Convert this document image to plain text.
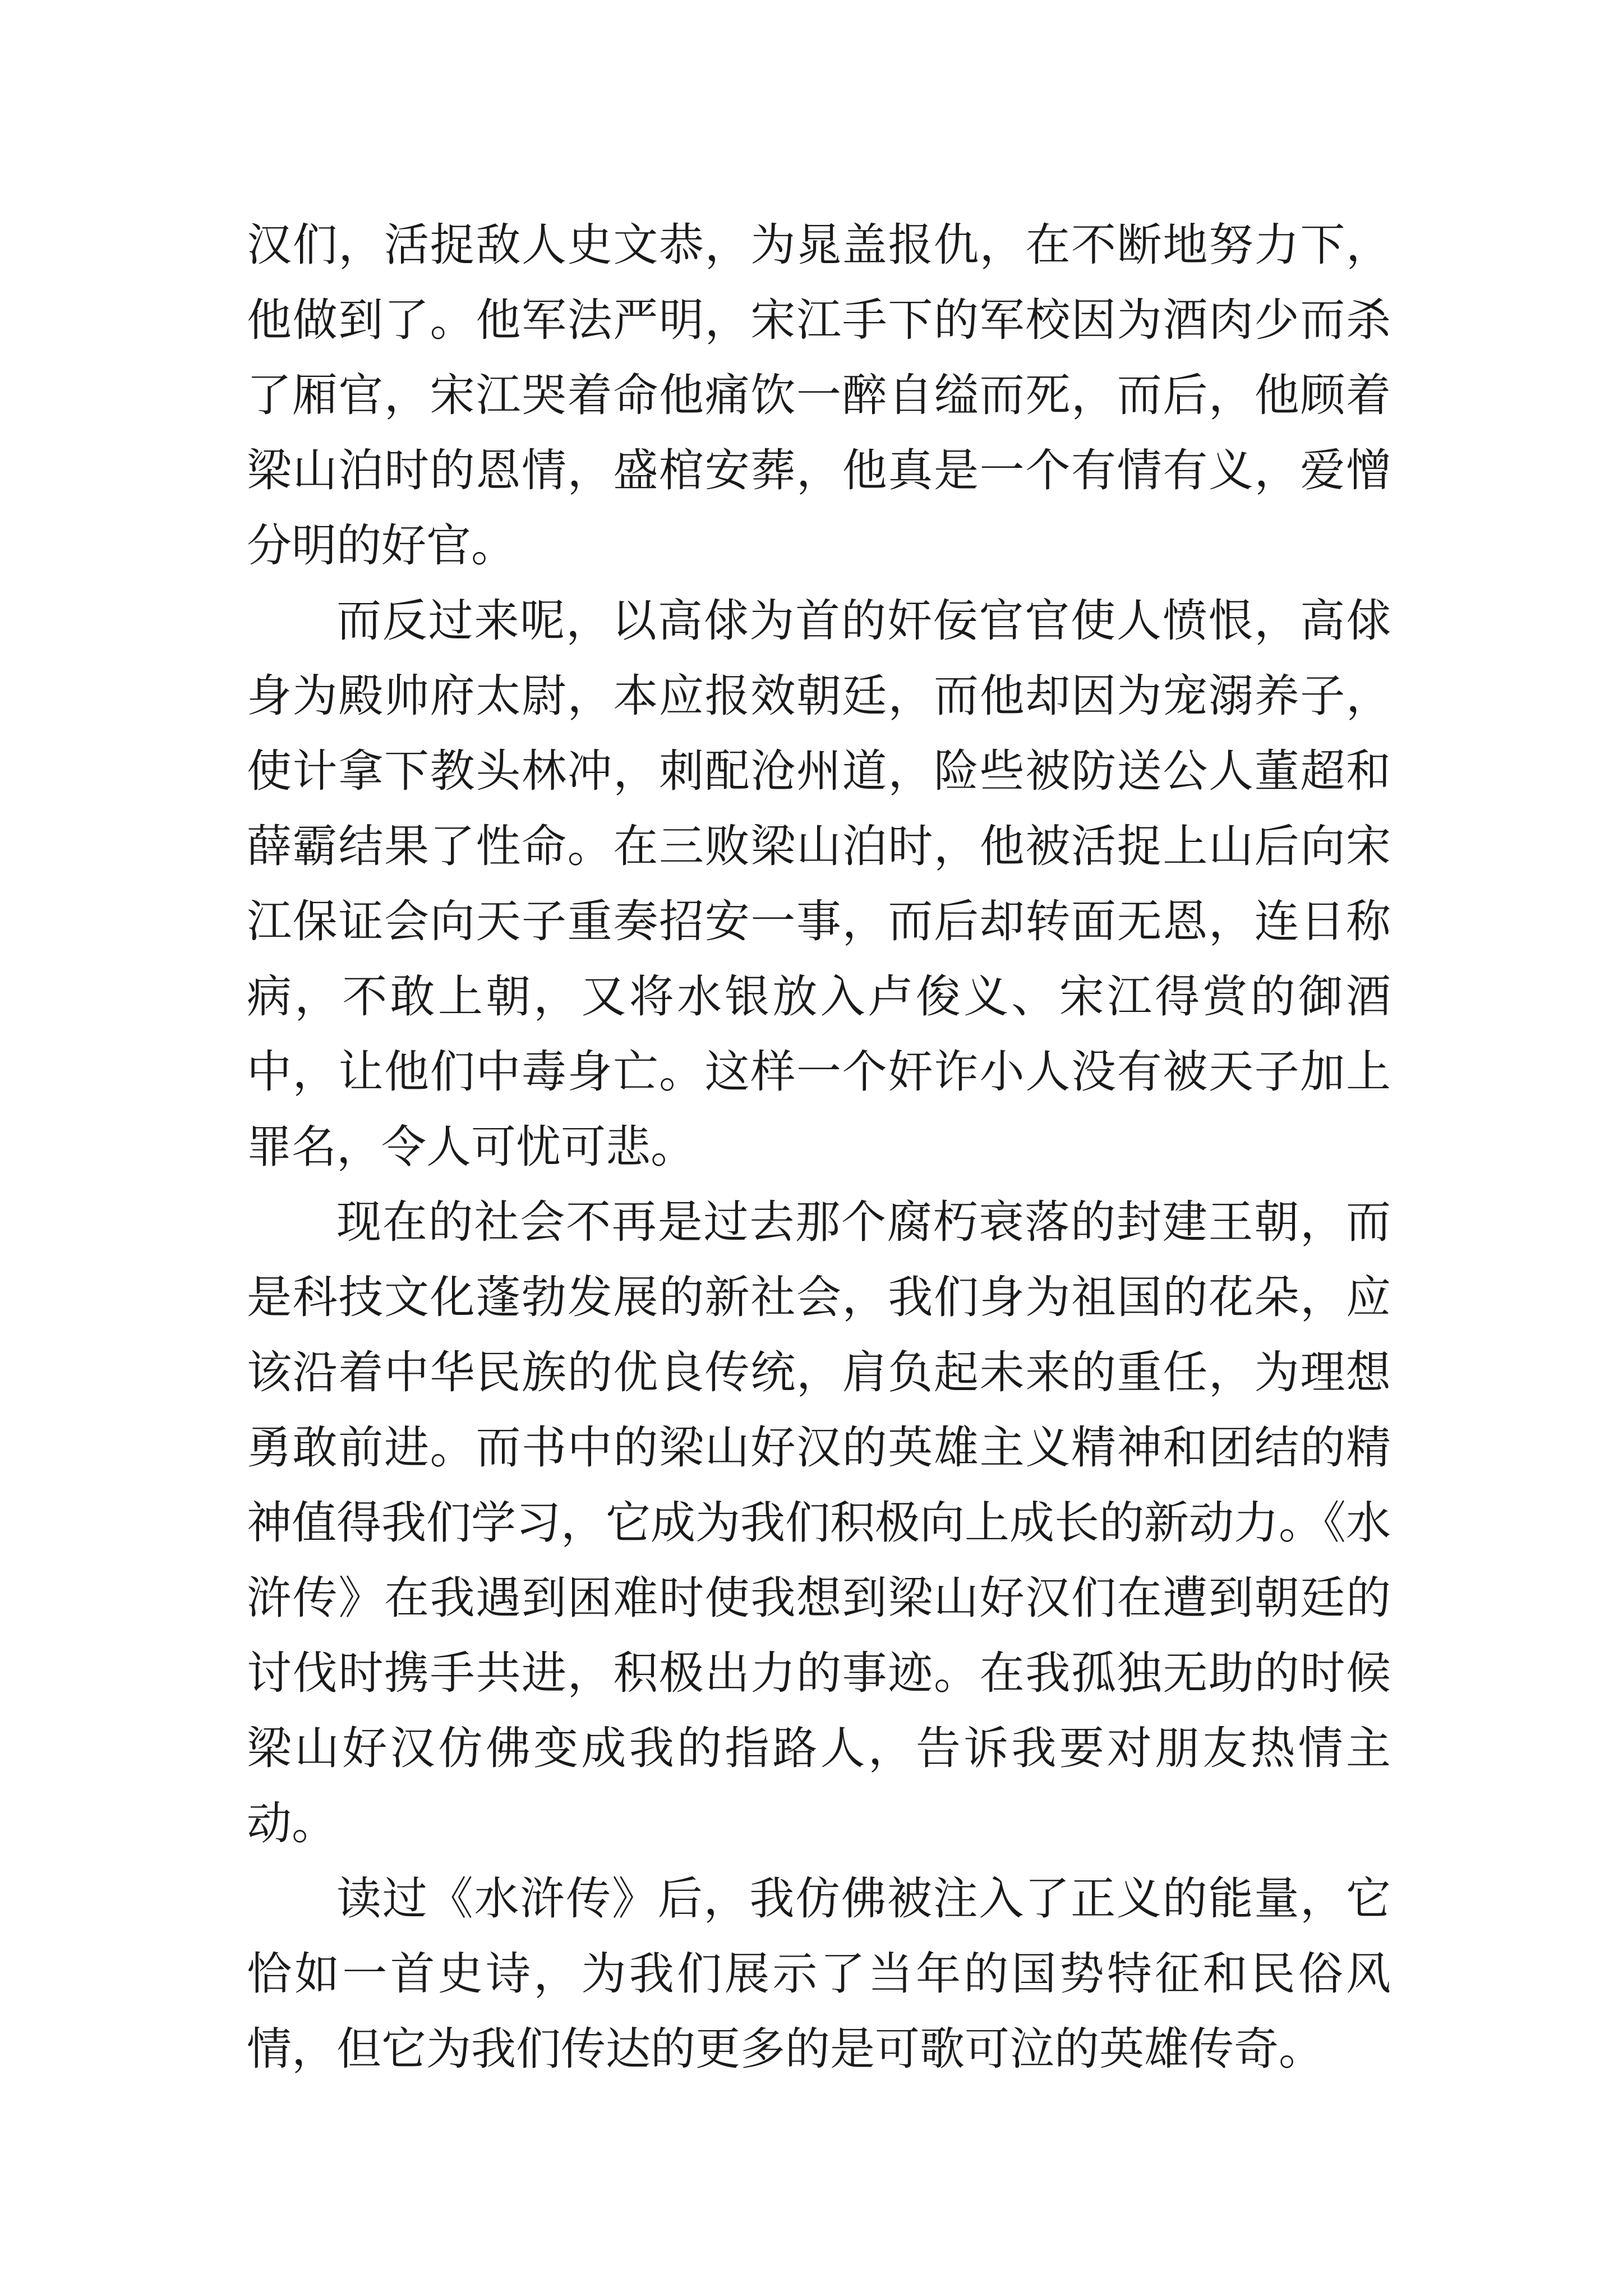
汉们，活捉敌人史文恭，为晁盖报仇，在不断地努力下，他做到了。他军法严明，宋江手下的军校因为酒肉少而杀了厢官，宋江哭着命他痛饮一醉自缢而死，而后，他顾着梁山泊时的恩情，盛棺安葬，他真是一个有情有义，爱憎分明的好官。

而反过来呢，以高俅为首的奸佞官官使人愤恨，高俅身为殿帅府太尉，本应报效朝廷，而他却因为宠溺养子，使计拿下教头林冲，刺配沧州道，险些被防送公人董超和薛霸结果了性命。在三败梁山泊时，他被活捉上山后向宋江保证会向天子重奏招安一事，而后却转面无恩，连日称病，不敢上朝，又将水银放入卢俊义、宋江得赏的御酒中，让他们中毒身亡。这样一个奸诈小人没有被天子加上罪名，令人可忧可悲。

现在的社会不再是过去那个腐朽衰落的封建王朝，而是科技文化蓬勃发展的新社会，我们身为祖国的花朵，应该沿着中华民族的优良传统，肩负起未来的重任，为理想勇敢前进。而书中的梁山好汉的英雄主义精神和团结的精神值得我们学习，它成为我们积极向上成长的新动力。《水浒传》在我遇到困难时使我想到梁山好汉们在遭到朝廷的讨伐时携手共进，积极出力的事迹。在我孤独无助的时候梁山好汉仿佛变成我的指路人，告诉我要对朋友热情主动。

读过《水浒传》后，我仿佛被注入了正义的能量，它恰如一首史诗，为我们展示了当年的国势特征和民俗风情，但它为我们传达的更多的是可歌可泣的英雄传奇。
